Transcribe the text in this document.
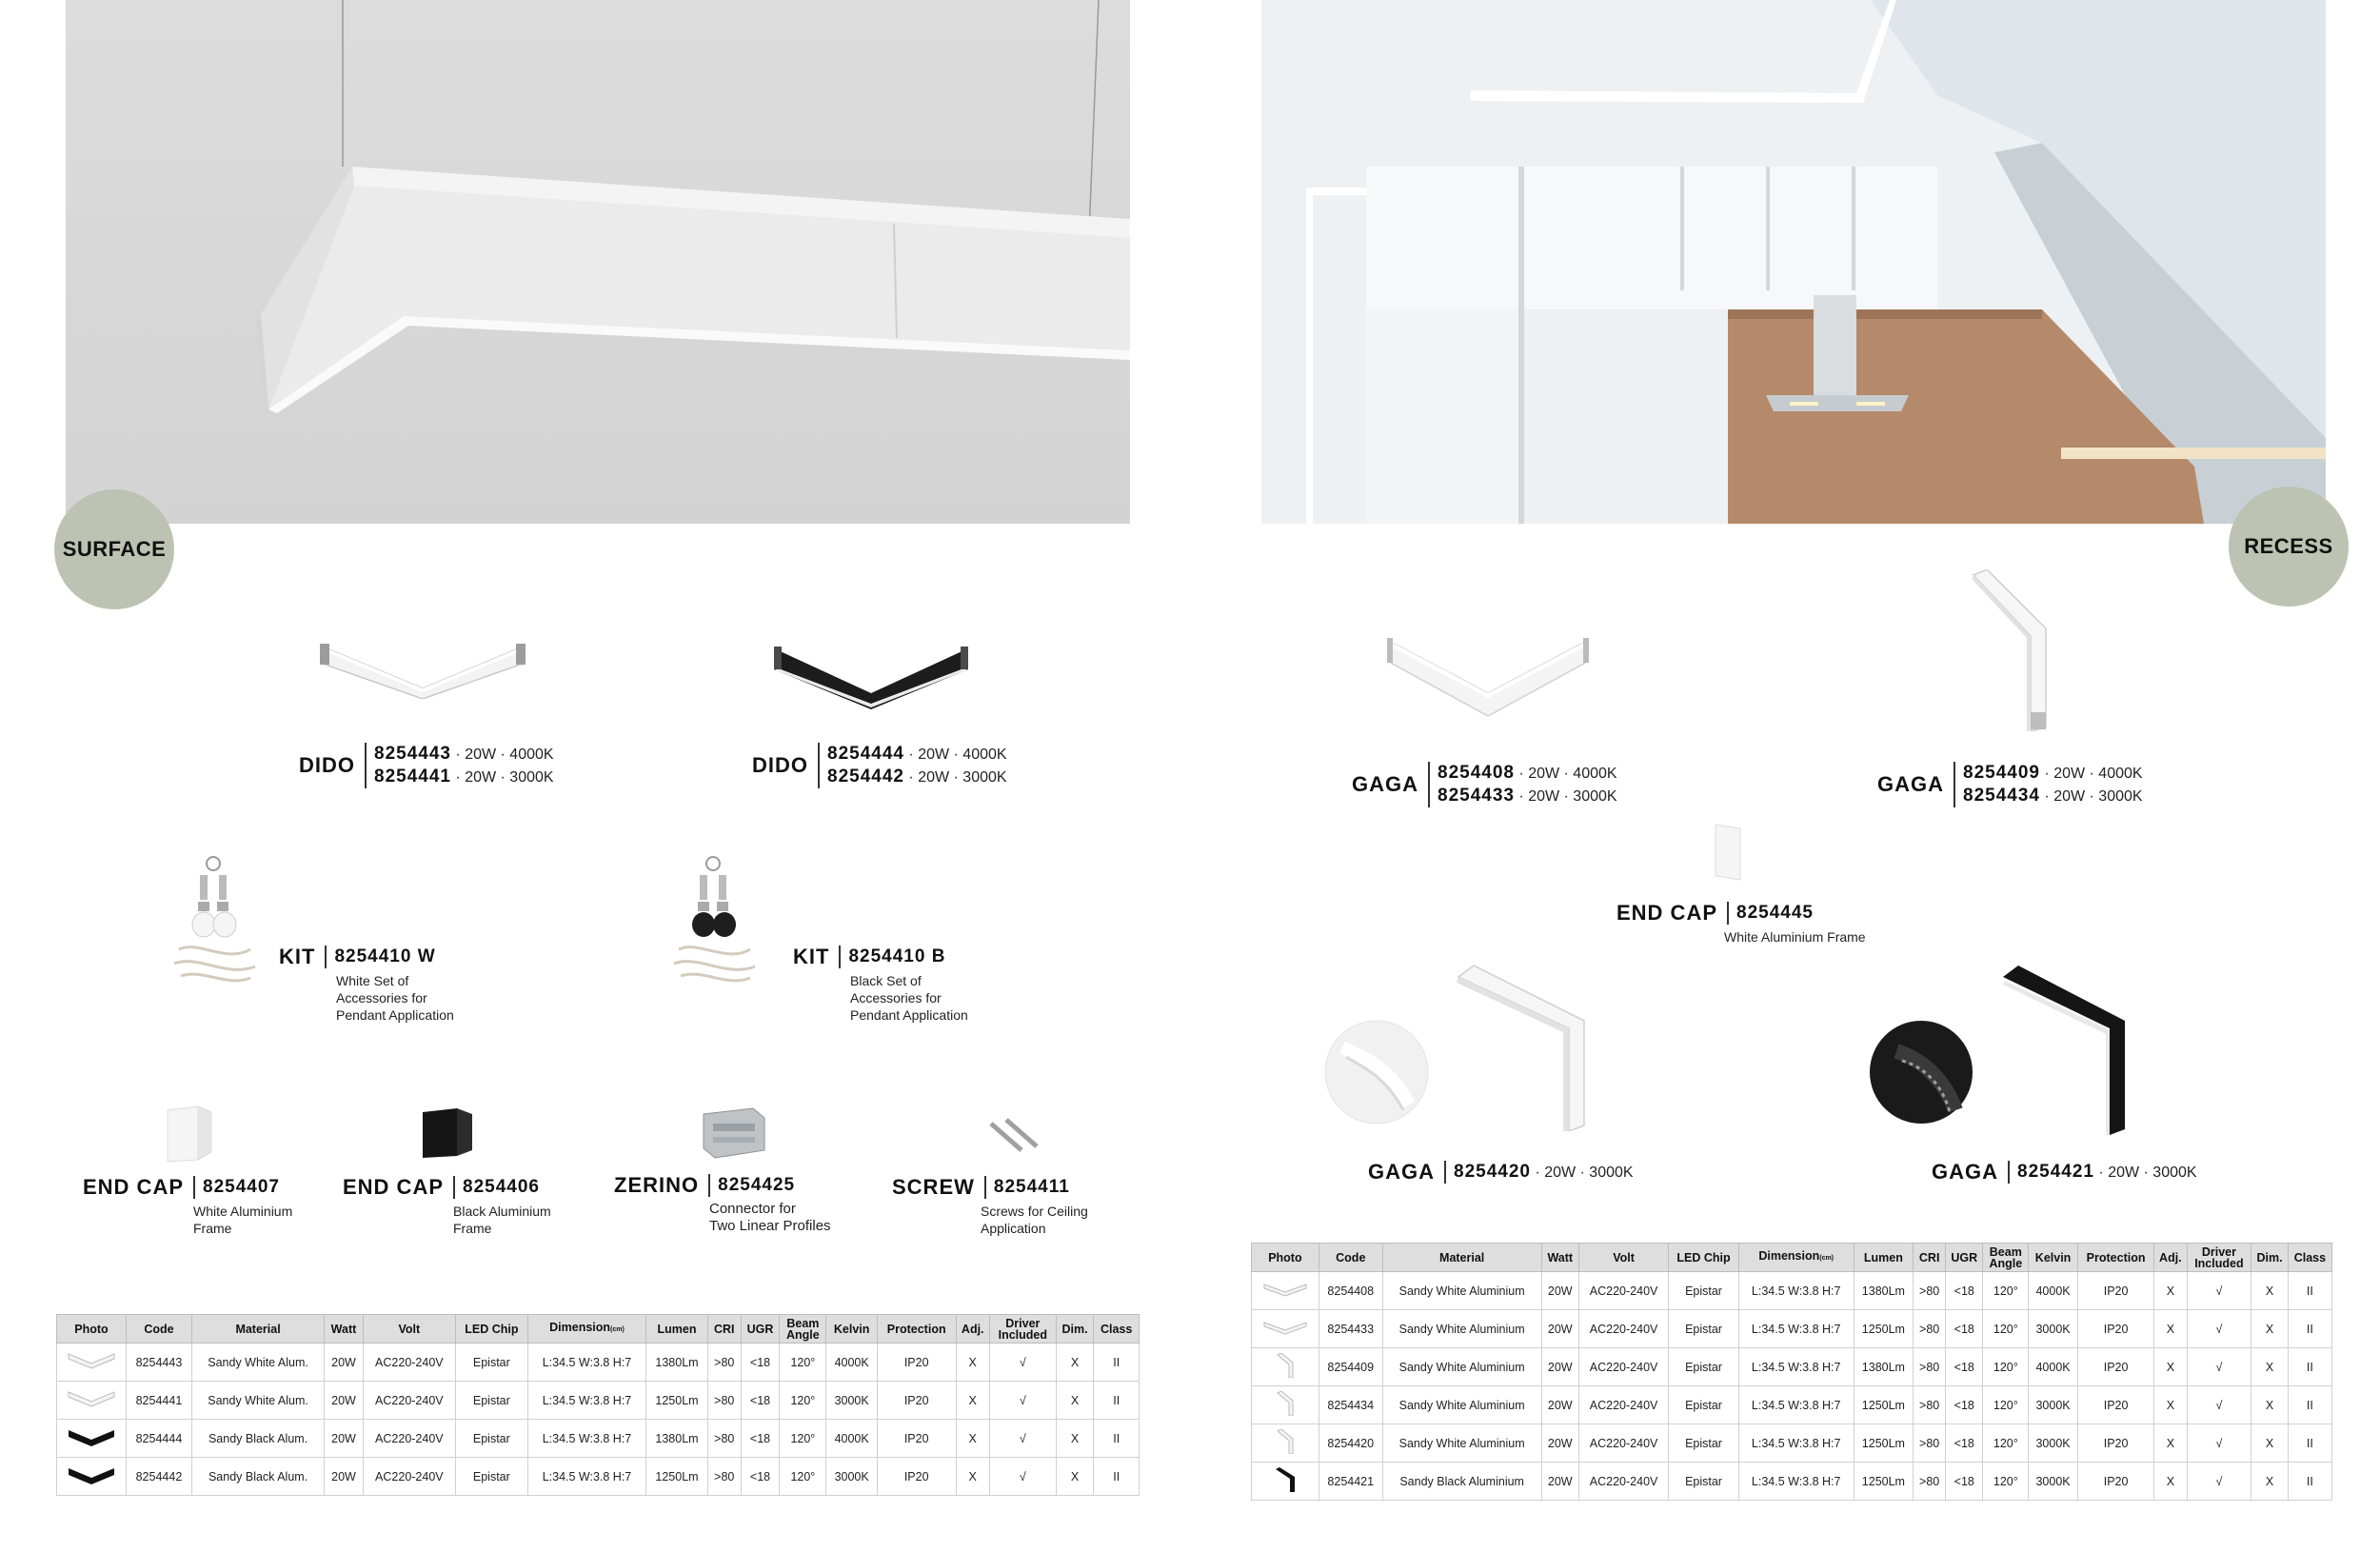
SURFACE	RECESS
DIDO	8254443 · 20W · 4000K
8254441 · 20W · 3000K
DIDO	8254444 · 20W · 4000K
8254442 · 20W · 3000K
KIT	8254410 W
White Set of
Accessories for
Pendant Application
KIT	8254410 B
Black Set of
Accessories for
Pendant Application
END CAP	8254407
White Aluminium
Frame
END CAP	8254406
Black Aluminium
Frame
ZERINO	8254425
Connector for
Two Linear Profiles
SCREW	8254411
Screws for Ceiling
Application
GAGA	8254408 · 20W · 4000K
8254433 · 20W · 3000K
GAGA	8254409 · 20W · 4000K
8254434 · 20W · 3000K
END CAP	8254445
White Aluminium Frame
GAGA	8254420 · 20W · 3000K	GAGA	8254421 · 20W · 3000K
Photo	Code	Material	Watt	Volt	LED Chip	Dimension(cm)	Lumen	CRI	UGR	Beam
Angle	Kelvin	Protection	Adj.	Driver
Included	Dim.	Class
	8254443	Sandy White Alum.	20W	AC220-240V	Epistar	L:34.5 W:3.8 H:7	1380Lm	>80	<18	120°	4000K	IP20	X	√	X	II
	8254441	Sandy White Alum.	20W	AC220-240V	Epistar	L:34.5 W:3.8 H:7	1250Lm	>80	<18	120°	3000K	IP20	X	√	X	II
	8254444	Sandy Black Alum.	20W	AC220-240V	Epistar	L:34.5 W:3.8 H:7	1380Lm	>80	<18	120°	4000K	IP20	X	√	X	II
	8254442	Sandy Black Alum.	20W	AC220-240V	Epistar	L:34.5 W:3.8 H:7	1250Lm	>80	<18	120°	3000K	IP20	X	√	X	II
Photo	Code	Material	Watt	Volt	LED Chip	Dimension(cm)	Lumen	CRI	UGR	Beam
Angle	Kelvin	Protection	Adj.	Driver
Included	Dim.	Class
	8254408	Sandy White Aluminium	20W	AC220-240V	Epistar	L:34.5 W:3.8 H:7	1380Lm	>80	<18	120°	4000K	IP20	X	√	X	II
	8254433	Sandy White Aluminium	20W	AC220-240V	Epistar	L:34.5 W:3.8 H:7	1250Lm	>80	<18	120°	3000K	IP20	X	√	X	II
	8254409	Sandy White Aluminium	20W	AC220-240V	Epistar	L:34.5 W:3.8 H:7	1380Lm	>80	<18	120°	4000K	IP20	X	√	X	II
	8254434	Sandy White Aluminium	20W	AC220-240V	Epistar	L:34.5 W:3.8 H:7	1250Lm	>80	<18	120°	3000K	IP20	X	√	X	II
	8254420	Sandy White Aluminium	20W	AC220-240V	Epistar	L:34.5 W:3.8 H:7	1250Lm	>80	<18	120°	3000K	IP20	X	√	X	II
	8254421	Sandy Black Aluminium	20W	AC220-240V	Epistar	L:34.5 W:3.8 H:7	1250Lm	>80	<18	120°	3000K	IP20	X	√	X	II
